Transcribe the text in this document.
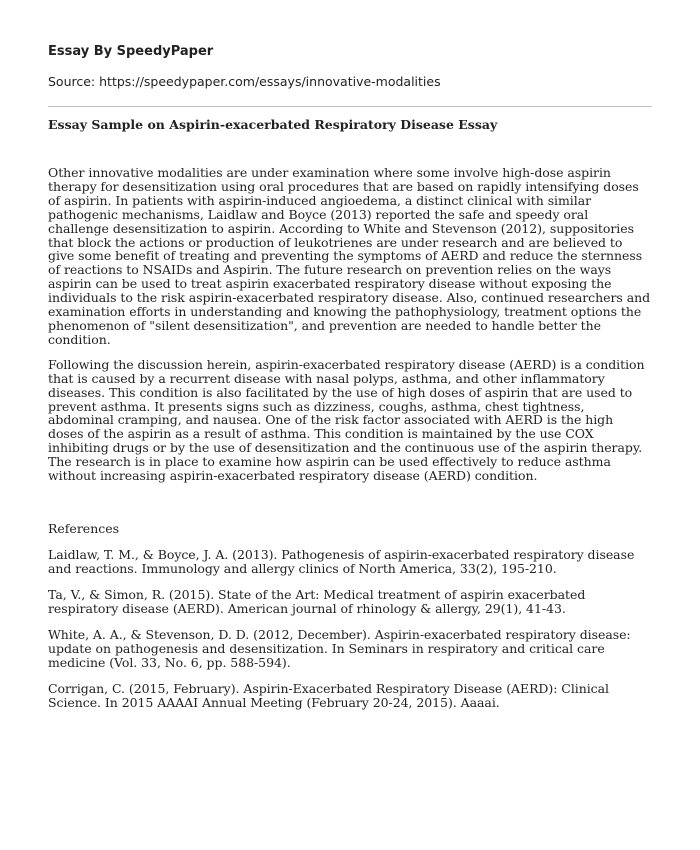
Essay By SpeedyPaper
Source: https://speedypaper.com/essays/innovative-modalities
Essay Sample on Aspirin-exacerbated Respiratory Disease Essay

Other innovative modalities are under examination where some involve high-dose aspirin therapy for desensitization using oral procedures that are based on rapidly intensifying doses of aspirin. In patients with aspirin-induced angioedema, a distinct clinical with similar pathogenic mechanisms, Laidlaw and Boyce (2013) reported the safe and speedy oral challenge desensitization to aspirin. According to White and Stevenson (2012), suppositories that block the actions or production of leukotrienes are under research and are believed to give some benefit of treating and preventing the symptoms of AERD and reduce the sternness of reactions to NSAIDs and Aspirin. The future research on prevention relies on the ways aspirin can be used to treat aspirin exacerbated respiratory disease without exposing the individuals to the risk aspirin-exacerbated respiratory disease. Also, continued researchers and examination efforts in understanding and knowing the pathophysiology, treatment options the phenomenon of "silent desensitization", and prevention are needed to handle better the condition.

Following the discussion herein, aspirin-exacerbated respiratory disease (AERD) is a condition that is caused by a recurrent disease with nasal polyps, asthma, and other inflammatory diseases. This condition is also facilitated by the use of high doses of aspirin that are used to prevent asthma. It presents signs such as dizziness, coughs, asthma, chest tightness, abdominal cramping, and nausea. One of the risk factor associated with AERD is the high doses of the aspirin as a result of asthma. This condition is maintained by the use COX inhibiting drugs or by the use of desensitization and the continuous use of the aspirin therapy. The research is in place to examine how aspirin can be used effectively to reduce asthma without increasing aspirin-exacerbated respiratory disease (AERD) condition.

References

Laidlaw, T. M., & Boyce, J. A. (2013). Pathogenesis of aspirin-exacerbated respiratory disease and reactions. Immunology and allergy clinics of North America, 33(2), 195-210.

Ta, V., & Simon, R. (2015). State of the Art: Medical treatment of aspirin exacerbated respiratory disease (AERD). American journal of rhinology & allergy, 29(1), 41-43.

White, A. A., & Stevenson, D. D. (2012, December). Aspirin-exacerbated respiratory disease: update on pathogenesis and desensitization. In Seminars in respiratory and critical care medicine (Vol. 33, No. 6, pp. 588-594).

Corrigan, C. (2015, February). Aspirin-Exacerbated Respiratory Disease (AERD): Clinical Science. In 2015 AAAAI Annual Meeting (February 20-24, 2015). Aaaai.
